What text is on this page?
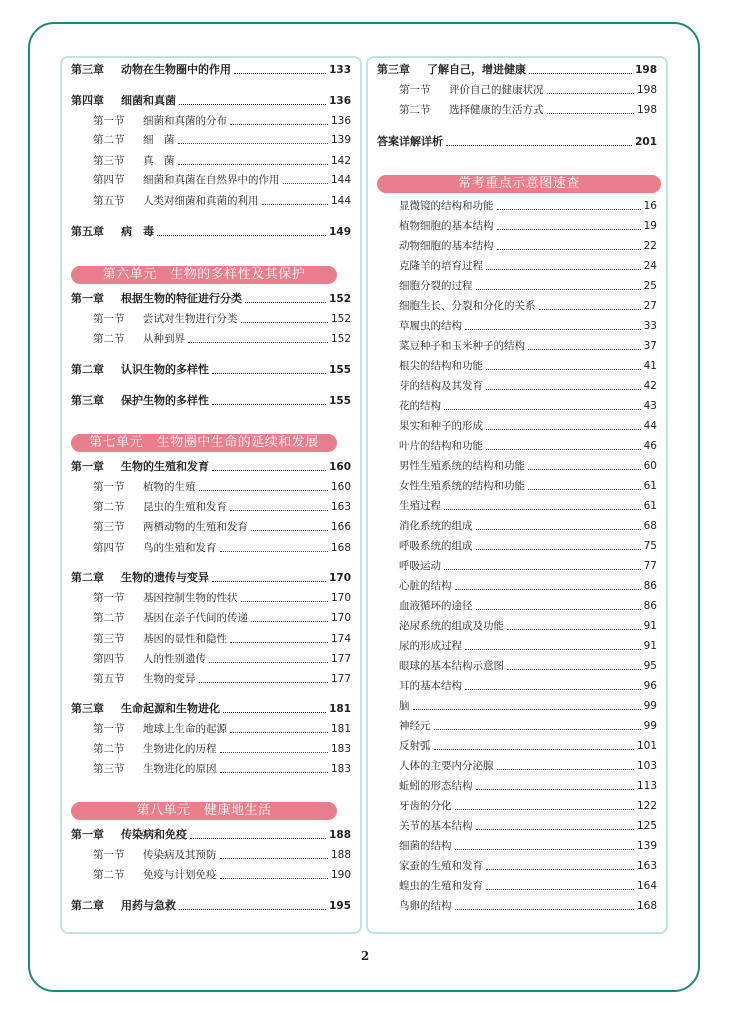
第三章	动物在生物圈中的作用	133
第四章	细菌和真菌	136
第一节	细菌和真菌的分布	136
第二节	细　菌	139
第三节	真　菌	142
第四节	细菌和真菌在自然界中的作用	144
第五节	人类对细菌和真菌的利用	144
第五章	病　毒	149
第六单元　生物的多样性及其保护
第一章	根据生物的特征进行分类	152
第一节	尝试对生物进行分类	152
第二节	从种到界	152
第二章	认识生物的多样性	155
第三章	保护生物的多样性	155
第七单元　生物圈中生命的延续和发展
第一章	生物的生殖和发育	160
第一节	植物的生殖	160
第二节	昆虫的生殖和发育	163
第三节	两栖动物的生殖和发育	166
第四节	鸟的生殖和发育	168
第二章	生物的遗传与变异	170
第一节	基因控制生物的性状	170
第二节	基因在亲子代间的传递	170
第三节	基因的显性和隐性	174
第四节	人的性别遗传	177
第五节	生物的变异	177
第三章	生命起源和生物进化	181
第一节	地球上生命的起源	181
第二节	生物进化的历程	183
第三节	生物进化的原因	183
第八单元　健康地生活
第一章	传染病和免疫	188
第一节	传染病及其预防	188
第二节	免疫与计划免疫	190
第二章	用药与急救	195
第三章	了解自己，增进健康	198
第一节	评价自己的健康状况	198
第二节	选择健康的生活方式	198
答案详解详析	201
常考重点示意图速查
显微镜的结构和功能	16
植物细胞的基本结构	19
动物细胞的基本结构	22
克隆羊的培育过程	24
细胞分裂的过程	25
细胞生长、分裂和分化的关系	27
草履虫的结构	33
菜豆种子和玉米种子的结构	37
根尖的结构和功能	41
芽的结构及其发育	42
花的结构	43
果实和种子的形成	44
叶片的结构和功能	46
男性生殖系统的结构和功能	60
女性生殖系统的结构和功能	61
生殖过程	61
消化系统的组成	68
呼吸系统的组成	75
呼吸运动	77
心脏的结构	86
血液循环的途径	86
泌尿系统的组成及功能	91
尿的形成过程	91
眼球的基本结构示意图	95
耳的基本结构	96
脑	99
神经元	99
反射弧	101
人体的主要内分泌腺	103
蚯蚓的形态结构	113
牙齿的分化	122
关节的基本结构	125
细菌的结构	139
家蚕的生殖和发育	163
蝗虫的生殖和发育	164
鸟卵的结构	168
2
